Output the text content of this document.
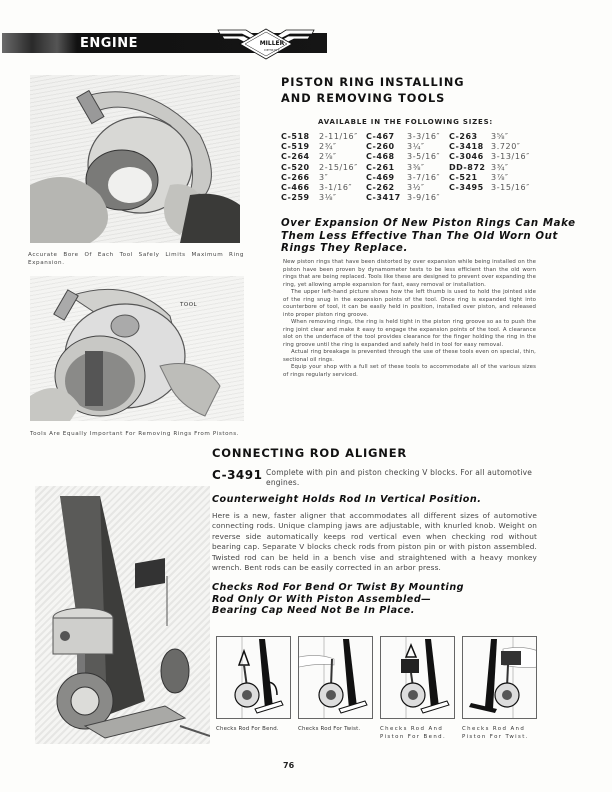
ENGINE	MILLER
DETROIT
Accurate Bore Of Each Tool Safely Limits Maximum Ring Expansion.
TOOL
Tools Are Equally Important For Removing Rings From Pistons.
PISTON RING INSTALLING
AND REMOVING TOOLS
AVAILABLE IN THE FOLLOWING SIZES:
C-518	2-11/16″	C-467	3-3/16″	C-263	3⅝″
C-519	2¾″	C-260	3¼″	C-3418 3.720″
C-264	2⅞″	C-468	3-5/16″	C-3046 3-13/16″
C-520	2-15/16″	C-261	3⅜″	DD-872 3¾″
C-266	3″	C-469	3-7/16″	C-521	3⅞″
C-466	3-1/16″	C-262	3½″	C-3495 3-15/16″
C-259	3⅛″	C-3417 3-9/16″
Over Expansion Of New Piston Rings Can Make Them Less Effective Than The Old Worn Out Rings They Replace.

New piston rings that have been distorted by over expansion while being installed on the piston have been proven by dynamometer tests to be less efficient than the old worn rings that are being replaced. Tools like these are designed to prevent over expanding the ring, yet allowing ample expansion for fast, easy removal or installation.

The upper left-hand picture shows how the left thumb is used to hold the jointed side of the ring snug in the expansion points of the tool. Once ring is expanded tight into counterbore of tool, it can be easily held in position, installed over piston, and released into proper piston ring groove.

When removing rings, the ring is held tight in the piston ring groove so as to push the ring joint clear and make it easy to engage the expansion points of the tool. A clearance slot on the underface of the tool provides clearance for the finger holding the ring in the ring groove until the ring is expanded and safely held in tool for easy removal.

Actual ring breakage is prevented through the use of these tools even on special, thin, sectional oil rings.

Equip your shop with a full set of these tools to accommodate all of the various sizes of rings regularly serviced.

CONNECTING ROD ALIGNER
C-3491 Complete with pin and piston checking V blocks. For all automotive engines.
Counterweight Holds Rod In Vertical Position.
Here is a new, faster aligner that accommodates all different sizes of automotive connecting rods. Unique clamping jaws are adjustable, with knurled knob. Weight on reverse side automatically keeps rod vertical even when checking rod without bearing cap. Separate V blocks check rods from piston pin or with piston assembled. Twisted rod can be held in a bench vise and straightened with a heavy monkey wrench. Bent rods can be easily corrected in an arbor press.
Checks Rod For Bend Or Twist By Mounting
Rod Only Or With Piston Assembled—
Bearing Cap Need Not Be In Place.
Checks Rod For Bend.	Checks Rod For Twist.	Checks Rod And Piston For Bend.
Checks Rod And Piston For Twist.
76
